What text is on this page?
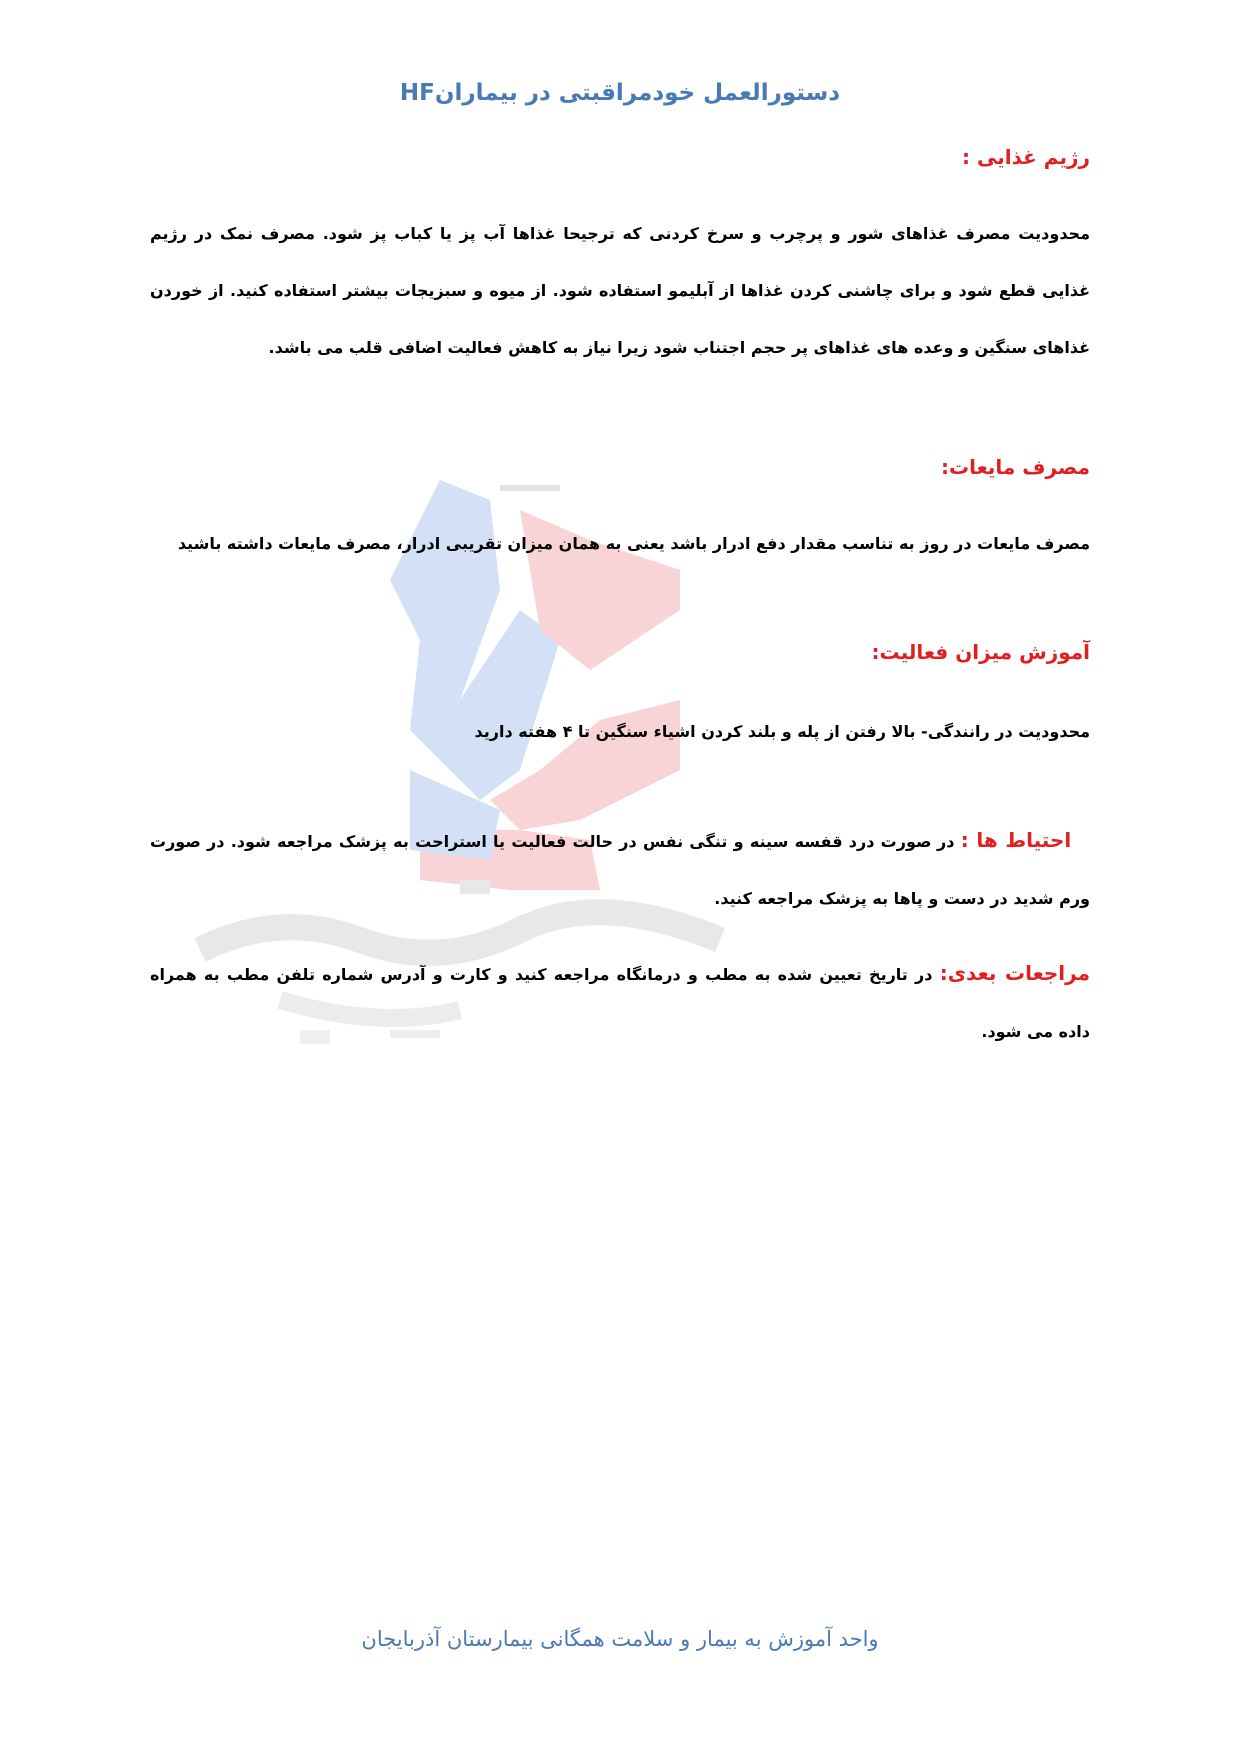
دستورالعمل خودمراقبتی در بیمارانHF
رژیم غذایی :
محدودیت مصرف غذاهای شور و پرچرب و سرخ کردنی که ترجیحا غذاها آب پز یا کباب پز شود. مصرف نمک در رژیم غذایی قطع شود و برای چاشنی کردن غذاها از آبلیمو استفاده شود. از میوه و سبزیجات بیشتر استفاده کنید. از خوردن غذاهای سنگین و وعده های غذاهای پر حجم اجتناب شود زیرا نیاز به کاهش فعالیت اضافی قلب می باشد.
مصرف مایعات:
مصرف مایعات در روز به تناسب مقدار دفع ادرار باشد یعنی به همان میزان تقریبی ادرار، مصرف مایعات داشته باشید
آموزش میزان فعالیت:
محدودیت در رانندگی- بالا رفتن از پله و بلند کردن اشیاء سنگین تا ۴ هفته دارید
احتیاط ها : در صورت درد قفسه سینه و تنگی نفس در حالت فعالیت یا استراحت به پزشک مراجعه شود. در صورت ورم شدید در دست و پاها به پزشک مراجعه کنید.
مراجعات بعدی: در تاریخ تعیین شده به مطب و درمانگاه مراجعه کنید و کارت و آدرس شماره تلفن مطب به همراه داده می شود.
واحد آموزش به بیمار و سلامت همگانی بیمارستان آذربایجان
